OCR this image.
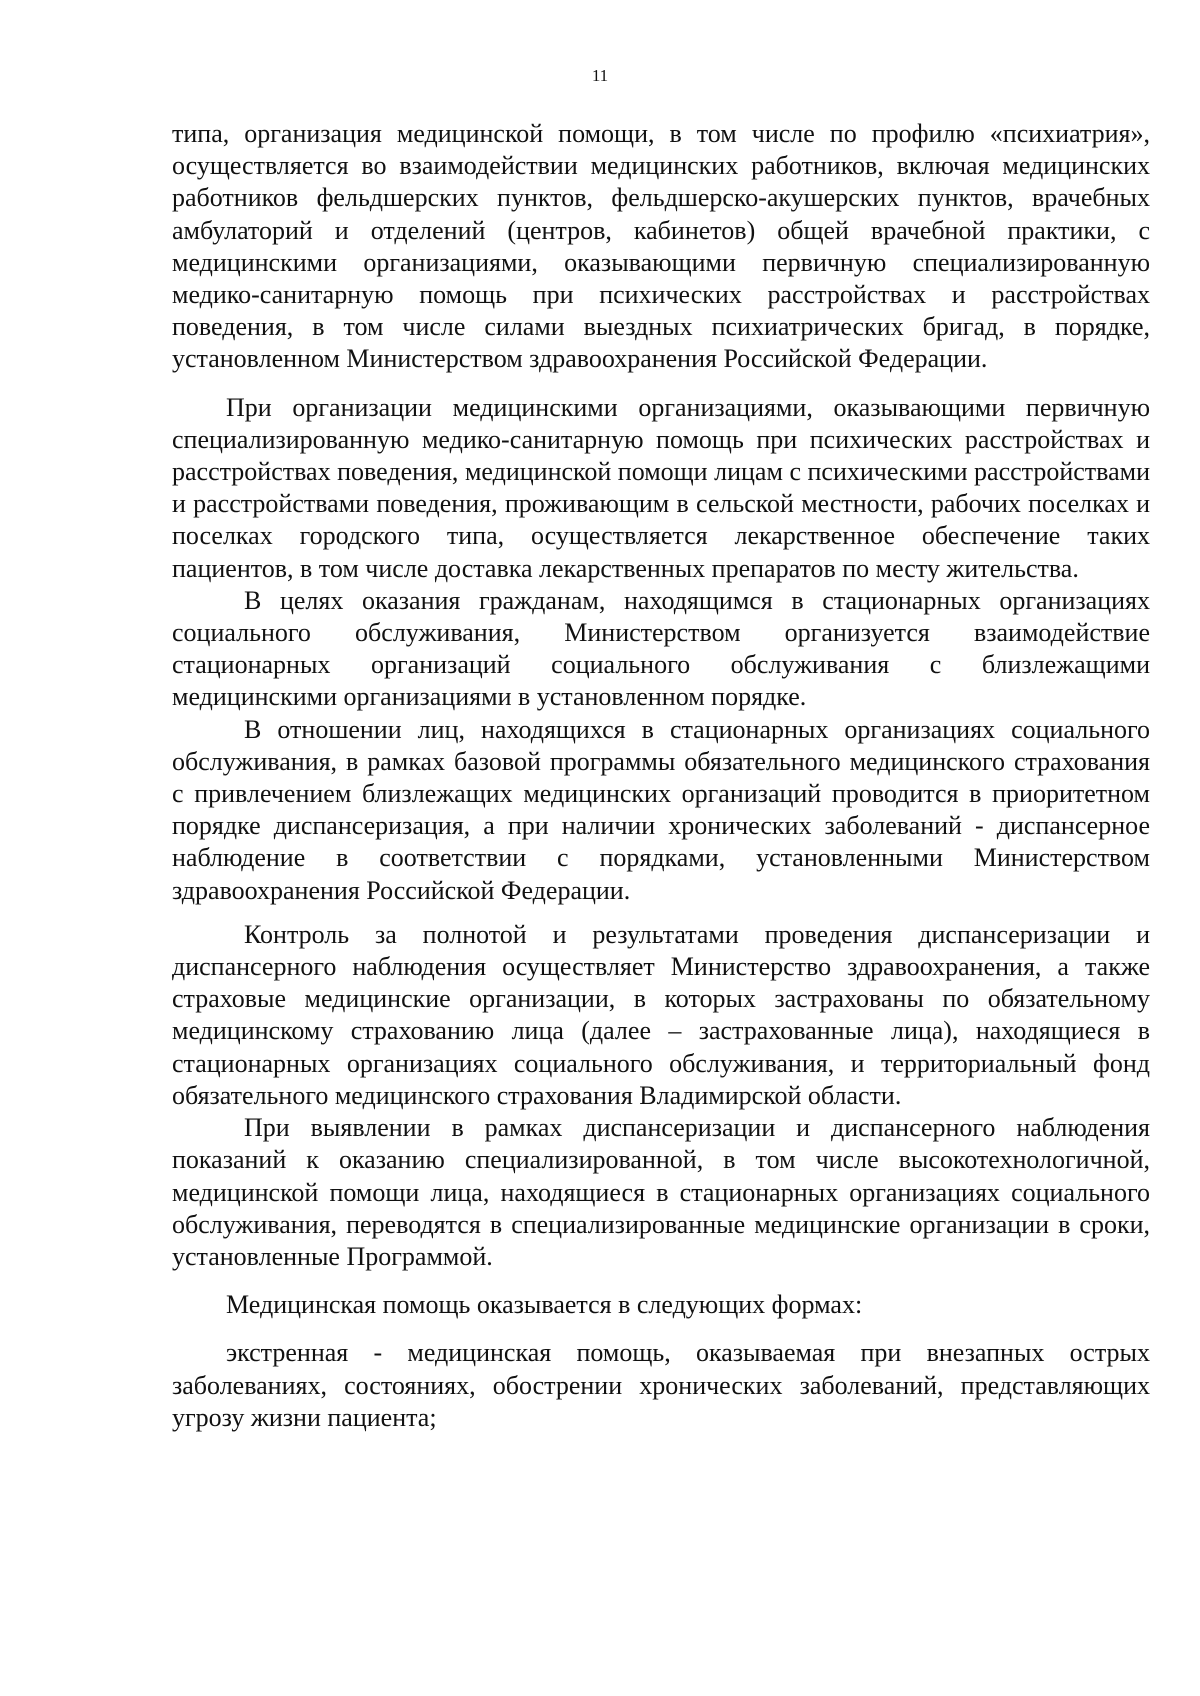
11

типа, организация медицинской помощи, в том числе по профилю «психиатрия», осуществляется во взаимодействии медицинских работников, включая медицинских работников фельдшерских пунктов, фельдшерско-акушерских пунктов, врачебных амбулаторий и отделений (центров, кабинетов) общей врачебной практики, с медицинскими организациями, оказывающими первичную специализированную медико-санитарную помощь при психических расстройствах и расстройствах поведения, в том числе силами выездных психиатрических бригад, в порядке, установленном Министерством здравоохранения Российской Федерации.

При организации медицинскими организациями, оказывающими первичную специализированную медико-санитарную помощь при психических расстройствах и расстройствах поведения, медицинской помощи лицам с психическими расстройствами и расстройствами поведения, проживающим в сельской местности, рабочих поселках и поселках городского типа, осуществляется лекарственное обеспечение таких пациентов, в том числе доставка лекарственных препаратов по месту жительства.

В целях оказания гражданам, находящимся в стационарных организациях социального обслуживания, Министерством организуется взаимодействие стационарных организаций социального обслуживания с близлежащими медицинскими организациями в установленном порядке.

В отношении лиц, находящихся в стационарных организациях социального обслуживания, в рамках базовой программы обязательного медицинского страхования с привлечением близлежащих медицинских организаций проводится в приоритетном порядке диспансеризация, а при наличии хронических заболеваний - диспансерное наблюдение в соответствии с порядками, установленными Министерством здравоохранения Российской Федерации.

Контроль за полнотой и результатами проведения диспансеризации и диспансерного наблюдения осуществляет Министерство здравоохранения, а также страховые медицинские организации, в которых застрахованы по обязательному медицинскому страхованию лица (далее – застрахованные лица), находящиеся в стационарных организациях социального обслуживания, и территориальный фонд обязательного медицинского страхования Владимирской области.

При выявлении в рамках диспансеризации и диспансерного наблюдения показаний к оказанию специализированной, в том числе высокотехнологичной, медицинской помощи лица, находящиеся в стационарных организациях социального обслуживания, переводятся в специализированные медицинские организации в сроки, установленные Программой.

Медицинская помощь оказывается в следующих формах:

экстренная - медицинская помощь, оказываемая при внезапных острых заболеваниях, состояниях, обострении хронических заболеваний, представляющих угрозу жизни пациента;
